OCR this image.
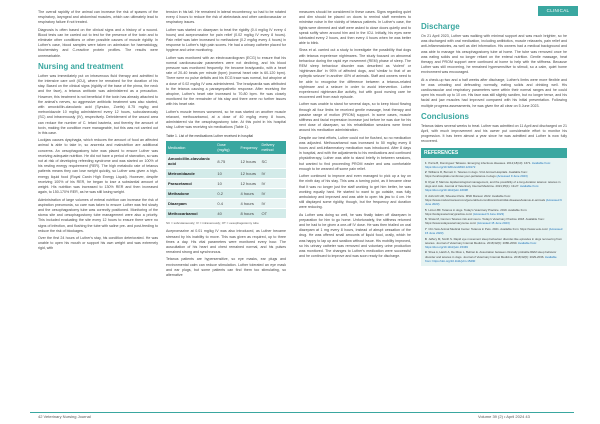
CLINICAL

The overall rapidity of the animal can increase the risk of spasms of the respiratory, laryngeal and abdominal muscles, which can ultimately lead to respiratory failure if not treated.

Diagnosis is often based on the clinical signs and a history of a wound. Blood tests can be carried out to test for the presence of the toxin and to eliminate other conditions or other possible causes of muscle rigidity. In Luther's case, blood samples were taken on admission for haematology, biochemistry and C-reactive protein profiles. The results were unremarkable.

Nursing and treatment

Luther was immediately put on intravenous fluid therapy and admitted to the intensive care unit (ICU), where he remained for the duration of his stay. Based on the clinical signs (rigidity of the base of the pinna, the neck and the face), a tetanus antitoxin was administered as a precaution. However, this treatment is not beneficial if the toxin has already attached to the animal's nerves, so aggressive antibiotic treatment was also started, with amoxicillin-clavulanic acid (Synulox, Zoetis) 8.75 mg/kg and metronidazole 10 mg/kg administered every 12 hours, subcutaneously (SC) and intravenously (IV), respectively. Debridement of the wound area can reduce the number of C. tetani bacteria, and thereby the amount of toxin, making the condition more manageable, but this was not carried out in this case.

Lockjaw causes dysphagia, which reduces the amount of food an affected animal is able to take in, so anorexia and malnutrition are additional concerns. An oesophagostomy tube was placed to ensure Luther was receiving adequate nutrition. He did not have a period of starvation, so was not at risk of developing refeeding syndrome and was started on 100% of his resting energy requirement (RER). The high metabolic rate of tetanus patients means they can lose weight quickly, so Luther was given a high-energy liquid food (Royal Canin High Energy Liquid). However, despite receiving 100% of his RER, he began to lose a substantial amount of weight. His nutrition was increased to 130% RER and then increased again, to 150-170% RER, as he was still losing weight.

Administration of large volumes of enteral nutrition can increase the risk of aspiration pneumonia, so care was taken to ensure Luther was fed slowly and the oesophagostomy tube was correctly positioned. Monitoring of the stoma site and oesophagostomy tube management were also a priority. This included evaluating the site every 12 hours to ensure there were no signs of infection, and flushing the tube with saline pre- and post-feeding to reduce the risk of blockages.

Over the first 24 hours of Luther's stay, his condition deteriorated. He was unable to open his mouth or support his own weight and was extremely rigid, with

tension in his tail. He remained in lateral recumbency, so had to be rotated every 4 hours to reduce the risk of atelectasis and other cardiovascular or respiratory issues.

Luther was started on diazepam to treat the rigidity (0.4 mg/kg IV every 4 hours) and acepromazine for pain relief (0.02 mg/kg IV every 8 hours). Pain relief was later increased to methadone (0.2 mg/kg every 4 hours) in response to Luther's high pain scores. He had a urinary catheter placed for hygiene and urine monitoring.

Luther was monitored with an electrocardiogram (ECG) to ensure that his normal cardiovascular parameters were not declining, and his blood pressure was monitored frequently. He became bradycardic, with a heart rate of 20-40 beats per minute (bpm) (normal heart rate is 60-120 bpm). There were no pulse deficits and his ECG trace was normal, but atropine at a dose of 0.02 mg/kg IV was administered. The bradycardia was attributed to the tetanus causing a parasympathetic response. After receiving the atropine, Luther's heart rate increased to 70-80 bpm. He was closely monitored for the remainder of his stay and there were no further issues with his heart rate.

Luther's muscle tremors worsened, so he was started on another muscle relaxant, methocarbamol, at a dose of 40 mg/kg every 8 hours, administered via the oesophagostomy tube. At this point in his hospital stay, Luther was receiving six medications (Table 1).

Table 1. List of the medications Luther received in hospital
Medication	Dose (mg/kg)	Frequency	Delivery method
Amoxicillin-clavulanic acid	8.75	12 hours	SC
Metronidazole	10	12 hours	IV
Paracetamol	10	12 hours	IV
Methadone	0.2	4 hours	IV
Diazepam	0.4	4 hours	IV
Methocarbamol	40	8 hours	OT
SC = subcutaneously; IV = intravenously; OT = oesophagostomy tube

Acepromazine at 0.01 mg/kg IV was also introduced, as Luther became stressed by his inability to move. This was given as required, up to three times a day. His vital parameters were monitored every hour. The auscultation of his heart and chest remained normal, and his pulses remained strong and synchronous.

Tetanus patients are hypersensitive, so eye masks, ear plugs and environmental calm can reduce stimulation. Luther tolerated an eye mask and ear plugs, but some patients can find them too stimulating, so alternative

measures should be considered in these cases. Signs regarding quiet and dim should be placed on doors to remind staff members to minimise noise in the vicinity of tetanus patients. In Luther's case, the lights were dimmed and staff were asked to close doors quietly and to speak softly when around him and in the ICU. Initially, his eyes were lubricated every 2 hours, and then every 4 hours when he was better able to blink.

Shea et al. carried out a study to investigate the possibility that dogs with tetanus experience nightmares. The study focused on abnormal behaviour during the rapid eye movement (REM) phase of sleep. The REM sleep behaviour disorder was described as 'violent' or 'nightmare-like' in 95% of affected dogs, and 'similar to that of an epileptic seizure' in another 40% of animals. Staff and owners need to be able to recognise the difference between a tetanus-related nightmare and a seizure in order to avoid intervention. Luther experienced nightmare-like activity, but with good nursing care he recovered well from each episode.

Luther was unable to stand for several days, so to keep blood flowing through all four limbs he received gentle massage, heat therapy and passive range of motion (PROM) support. In some cases, muscle stiffness and facial expression increase just before he was due for his next dose of diazepam, so his rehabilitation sessions were timed around his medication administration.

Despite our best efforts, Luther could not be flushed, so no medication was adjusted. Methocarbamol was increased to 50 mg/kg every 8 hours and anti-inflammatory medication was introduced. After 8 days in hospital, and with the adjustments to his medications and continued physiotherapy, Luther was able to stand briefly in between sessions, but wanted to find proceeding PROM easier and was comfortable enough to be weaned off some pain relief.

Luther continued to improve and even managed to pick up a toy on the ninth day of his stay. This was a turning point, as it became clear that it was no longer just the staff working to get him better, he was working equally hard. He started to want to go outside, was fully ambulatory and improved and was able to open his jaw to 4 cm. He still displayed some rigidity, though, but the frequency and duration were reducing.

As Luther was doing so well, he was finally taken off diazepam in preparation for him to go home. Unfortunately, the stiffness returned and he had to be given a one-off IV dose. He was then trialled on oral diazepam at 1 mg every 8 hours, instead of abrupt cessation of the drug. He was offered small amounts of liquid food, orally, which he was happy to lap up and swallow without issue. His mobility improved, so his urinary catheter was removed and voluntary urine production was monitored. The changes to Luther's medication were successful and he continued to improve and was soon ready for discharge.

Discharge

On 21 April 2023, Luther was walking with minimal support and was much brighter, so he was discharged with oral medication, including antibiotics, muscle relaxants, pain relief and anti-inflammatories, as well as diet information. His owners had a medical background and was able to manage his oesophagostomy tube at home. The tube was removed once he was eating solids and no longer reliant on the enteral nutrition. Gentle massage, heat therapy and PROM support were continued at home to help with the stiffness. Because Luther was still recovering, he remained hypersensitive to stimuli, so a calm, quiet home environment was encouraged.

At a check-up two and a half weeks after discharge, Luther's limbs were more flexible and he was urinating and defecating normally, eating solids and drinking well. His cardiovascular and respiratory parameters were within their normal ranges and he could open his mouth up to 10 cm. His face was still slightly swollen, but no longer tense, and his facial and jaw muscles had improved compared with his initial presentation. Following multiple progress assessments, he was given the all clear on 5 June 2023.

Conclusions

Tetanus takes several weeks to treat. Luther was admitted on 11 April and discharged on 21 April, with much improvement and his owner put considerable effort to monitor his progression. It has been almost a year since he was admitted and Luther is now fully recovered.

REFERENCES
1 Parra B, Dominguez Tabasco. Emerging infectious diseases. 2012;18(10): 1671. Available from: https://doi.org/10.3201/eid1810.120172
2 Williams R, Burnett C. Tetanus in dogs. VCA Animal Hospitals. Available from: https://vcahospitals.com/know-your-pet/tetanus-in-dogs (Accessed 9 June 2023)
3 Ryan P, Marrow. Epidemiological management, and the possibility of a long-duration tetanus: tetanus in dogs and cats. Journal of Veterinary Internal Medicine. 2021;35(1): 19-27. Available from: https://doi.org/10.1111/jvim.16038
4 Ashcroft HR, Silvester-Paris. MSD Manual. 2022. Available from: https://www.msdvetmanual.com/generalized-conditions/clostridial-diseases/tetanus-in-animals (Accessed 9 June 2023)
5 Linton BF. Tetanus in dogs. Today's Veterinary Practice. 2019. Available from: https://todaysveterinarypractice.com/ (Accessed 9 June 2023)
6 Shaw M, Cannon Tetanus risk and neuro. Today's Veterinary Practice 2018. Available from: https://www.todaysveterinarynurse.com/ (Accessed 15 June 2023)
7 Clin Vets Animal Medical Center. Tetanus in Pets. 2021. Available from: https://www.vets.com/ (Accessed 15 June 2023)
8 Jeffery M, Smith S. Rapid eye movement sleep behaviour disorder-like episodes in dogs recovering from tetanus. Journal of Veterinary Internal Medicine. 2018;32(6): 2086-2090. Available from: https://doi.org/10.1111/jvim.15349
9 Shea A, Hatch A, De Risio L, Beltran E. Association between clinically probable REM sleep behavior disorder and tetanus in dogs. Journal of Veterinary Internal Medicine. 2018;32(6): 2029-2036. Available from: https://doi.org/10.1111/jvim.15290
42 Veterinary Nursing Journal	Volume 39 (2) • April 2024 43
